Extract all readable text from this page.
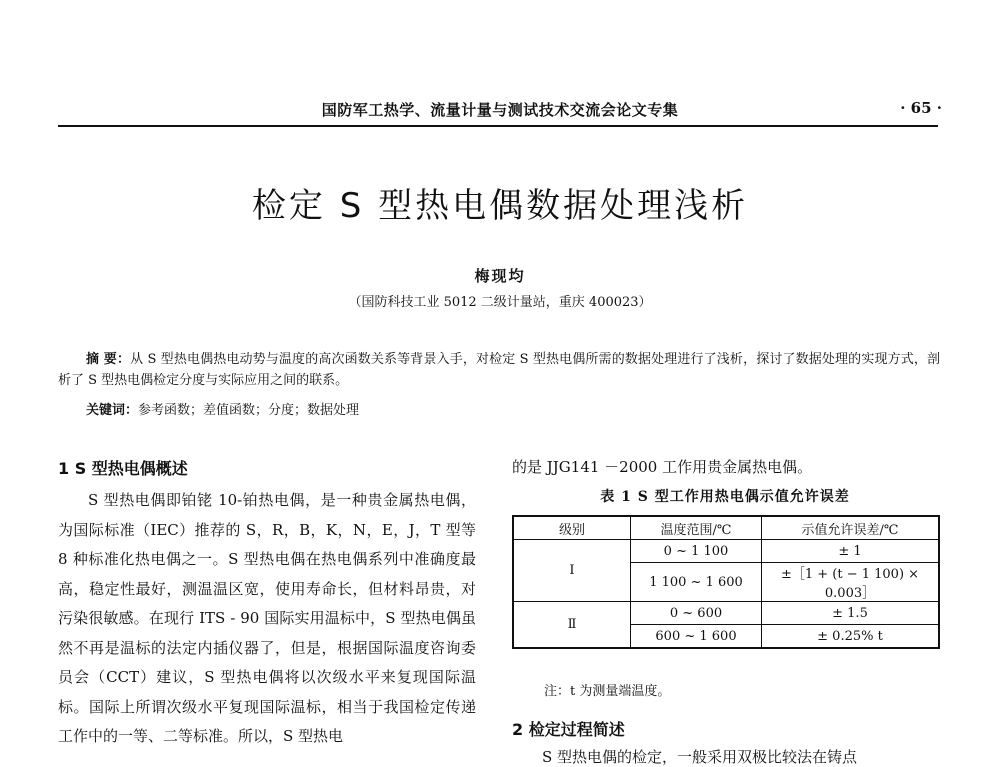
国防军工热学、流量计量与测试技术交流会论文专集	· 65 ·
检定 S 型热电偶数据处理浅析
梅现均
（国防科技工业 5012 二级计量站，重庆 400023）
摘 要：从 S 型热电偶热电动势与温度的高次函数关系等背景入手，对检定 S 型热电偶所需的数据处理进行了浅析，探讨了数据处理的实现方式，剖析了 S 型热电偶检定分度与实际应用之间的联系。
关键词：参考函数；差值函数；分度；数据处理
1 S 型热电偶概述

S 型热电偶即铂铑 10-铂热电偶，是一种贵金属热电偶，为国际标准（IEC）推荐的 S，R，B，K，N，E，J，T 型等 8 种标准化热电偶之一。S 型热电偶在热电偶系列中准确度最高，稳定性最好，测温温区宽，使用寿命长，但材料昂贵，对污染很敏感。在现行 ITS - 90 国际实用温标中，S 型热电偶虽然不再是温标的法定内插仪器了，但是，根据国际温度咨询委员会（CCT）建议，S 型热电偶将以次级水平来复现国际温标。国际上所谓次级水平复现国际温标，相当于我国检定传递工作中的一等、二等标准。所以，S 型热电

的是 JJG141 －2000 工作用贵金属热电偶。
表 1 S 型工作用热电偶示值允许误差
级别	温度范围/℃	示值允许误差/℃
Ⅰ	0 ~ 1 100	± 1
	1 100 ~ 1 600	±［1 + (t − 1 100) × 0.003］
Ⅱ	0 ~ 600	± 1.5
	600 ~ 1 600	± 0.25% t
注：t 为测量端温度。
2 检定过程简述
S 型热电偶的检定，一般采用双极比较法在铸点
